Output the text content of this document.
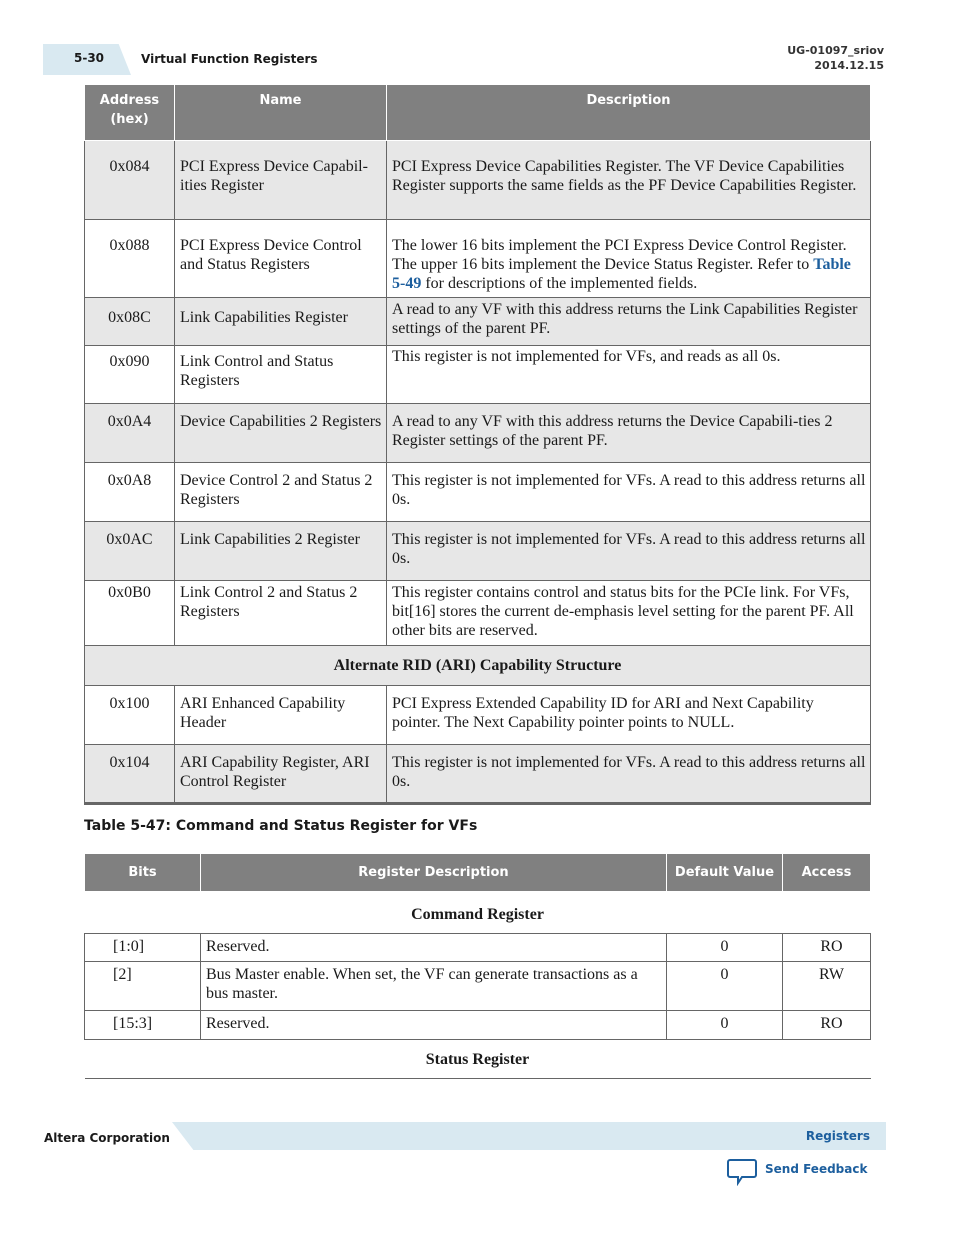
5-30	Virtual Function Registers
UG-01097_sriov
2014.12.15
Address (hex)	Name	Description
0x084	PCI Express Device Capabil-ities Register	PCI Express Device Capabilities Register. The VF Device Capabilities Register supports the same fields as the PF Device Capabilities Register.
0x088	PCI Express Device Control and Status Registers	The lower 16 bits implement the PCI Express Device Control Register. The upper 16 bits implement the Device Status Register. Refer to Table 5-49 for descriptions of the implemented fields.
0x08C	Link Capabilities Register	A read to any VF with this address returns the Link Capabilities Register settings of the parent PF.
0x090	Link Control and Status Registers	This register is not implemented for VFs, and reads as all 0s.
0x0A4	Device Capabilities 2 Registers	A read to any VF with this address returns the Device Capabili-ties 2 Register settings of the parent PF.
0x0A8	Device Control 2 and Status 2 Registers	This register is not implemented for VFs. A read to this address returns all 0s.
0x0AC	Link Capabilities 2 Register	This register is not implemented for VFs. A read to this address returns all 0s.
0x0B0	Link Control 2 and Status 2 Registers	This register contains control and status bits for the PCIe link. For VFs, bit[16] stores the current de-emphasis level setting for the parent PF. All other bits are reserved.
Alternate RID (ARI) Capability Structure		
0x100	ARI Enhanced Capability Header	PCI Express Extended Capability ID for ARI and Next Capability pointer. The Next Capability pointer points to NULL.
0x104	ARI Capability Register, ARI Control Register	This register is not implemented for VFs. A read to this address returns all 0s.
Table 5-47: Command and Status Register for VFs
Bits	Register Description	Default Value	Access
Command Register			
[1:0]	Reserved.	0	RO
[2]	Bus Master enable. When set, the VF can generate transactions as a bus master.	0	RW
[15:3]	Reserved.	0	RO
Status Register			
Altera Corporation	Registers
Send Feedback
